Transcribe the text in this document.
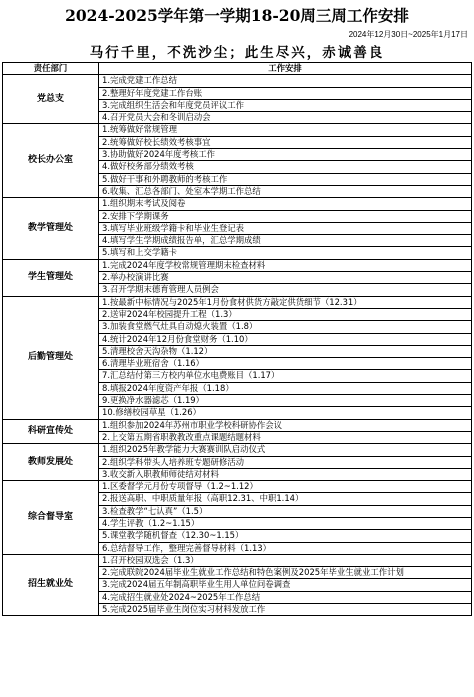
2024-2025学年第一学期18-20周三周工作安排
2024年12月30日~2025年1月17日
马行千里，不洗沙尘；此生尽兴，赤诚善良
责任部门	工作安排
党总支	1.完成党建工作总结
	2.整理好年度党建工作台账
	3.完成组织生活会和年度党员评议工作
	4.召开党员大会和冬训启动会
校长办公室	1.统筹做好常规管理
	2.统筹做好校长绩效考核事宜
	3.协助做好2024年度考核工作
	4.做好校务部分绩效考核
	5.做好干事和外聘教师的考核工作
	6.收集、汇总各部门、处室本学期工作总结
教学管理处	1.组织期末考试及阅卷
	2.安排下学期课务
	3.填写毕业班级学籍卡和毕业生登记表
	4.填写学生学期成绩报告单，汇总学期成绩
	5.填写和上交学籍卡
学生管理处	1.完成2024年度学校常规管理期末检查材料
	2.举办校演讲比赛
	3.召开学期末德育管理人员例会
后勤管理处	1.按最新中标情况与2025年1月份食材供货方敲定供货细节（12.31）
	2.送审2024年校园提升工程（1.3）
	3.加装食堂燃气灶具自动熄火装置（1.8）
	4.统计2024年12月份食堂财务（1.10）
	5.清理校舍天沟杂物（1.12）
	6.清理毕业班宿舍（1.16）
	7.汇总结付第三方校内单位水电费账目（1.17）
	8.填报2024年度资产年报（1.18）
	9.更换净水器滤芯（1.19）
	10.修缮校园草星（1.26）
科研宣传处	1.组织参加2024年苏州市职业学校科研协作会议
	2.上交第五期省职教教改重点课题结题材料
教师发展处	1.组织2025年教学能力大赛赛训队启动仪式
	2.组织学科带头人培养班专题研修活动
	3.收交新入职教师师徒结对材料
综合督导室	1.区委督学元月份专项督导（1.2~1.12）
	2.报送高职、中职质量年报（高职12.31、中职1.14）
	3.检查教学“七认真”（1.5）
	4.学生评教（1.2~1.15）
	5.课堂教学随机督查（12.30~1.15）
	6.总结督导工作，整理完善督导材料（1.13）
招生就业处	1.召开校园双选会（1.3）
	2.完成联院2024届毕业生就业工作总结和特色案例及2025年毕业生就业工作计划
	3.完成2024届五年制高职毕业生用人单位问卷调查
	4.完成招生就业处2024~2025年工作总结
	5.完成2025届毕业生岗位实习材料发放工作
